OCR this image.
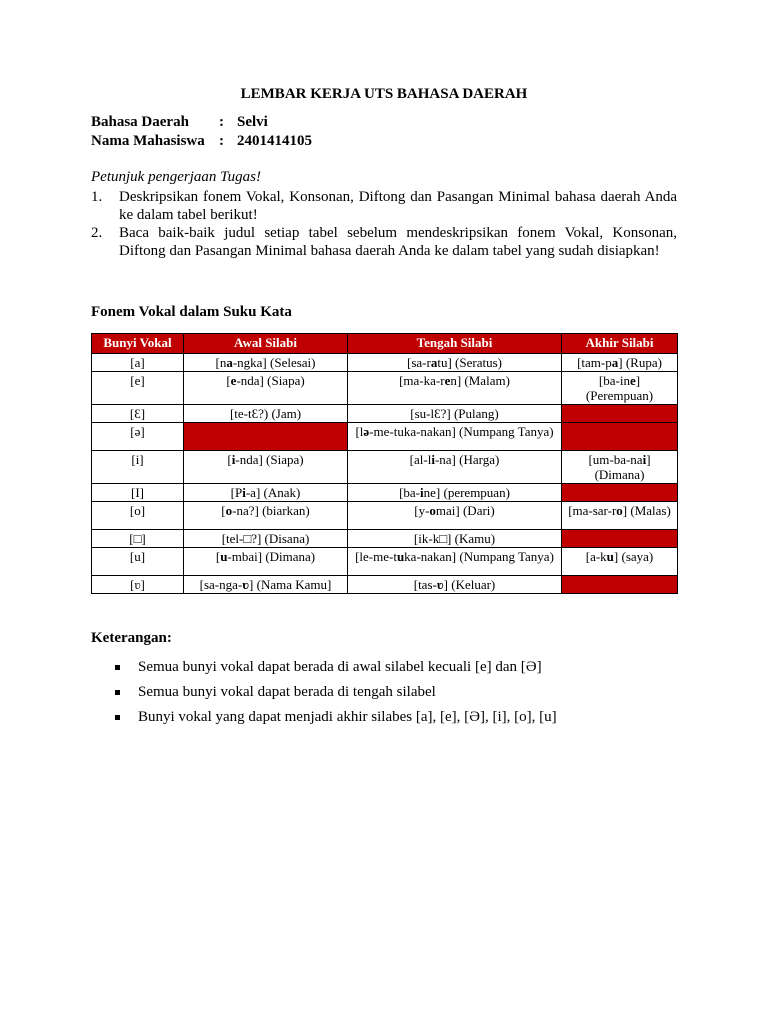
LEMBAR KERJA UTS BAHASA DAERAH
Bahasa Daerah : Selvi
Nama Mahasiswa : 2401414105
Petunjuk pengerjaan Tugas!
1. Deskripsikan fonem Vokal, Konsonan, Diftong dan Pasangan Minimal bahasa daerah Anda ke dalam tabel berikut!
2. Baca baik-baik judul setiap tabel sebelum mendeskripsikan fonem Vokal, Konsonan, Diftong dan Pasangan Minimal bahasa daerah Anda ke dalam tabel yang sudah disiapkan!
Fonem Vokal dalam Suku Kata
Bunyi Vokal	Awal Silabi	Tengah Silabi	Akhir Silabi
[a]	[na-ngka] (Selesai)	[sa-ratu] (Seratus)	[tam-pa] (Rupa)
[e]	[e-nda] (Siapa)	[ma-ka-ren] (Malam)	[ba-ine] (Perempuan)
[Ɛ]	[te-tƐ?) (Jam)	[su-lƐ?] (Pulang)	
[ə]		[lə-me-tuka-nakan] (Numpang Tanya)	
[i]	[i-nda] (Siapa)	[al-li-na] (Harga)	[um-ba-nai] (Dimana)
[I]	[Pi-a] (Anak)	[ba-ine] (perempuan)	
[o]	[o-na?] (biarkan)	[y-omai] (Dari)	[ma-sar-ro] (Malas)
[□]	[tel-□?] (Disana)	[ik-k□] (Kamu)	
[u]	[u-mbai] (Dimana)	[le-me-tuka-nakan] (Numpang Tanya)	[a-ku] (saya)
[ʋ]	[sa-nga-ʋ] (Nama Kamu]	[tas-ʋ] (Keluar)	
Keterangan:
Semua bunyi vokal dapat berada di awal silabel kecuali [e] dan [Ə]
Semua bunyi vokal dapat berada di tengah silabel
Bunyi vokal yang dapat menjadi akhir silabes [a], [e], [Ə], [i], [o], [u]
